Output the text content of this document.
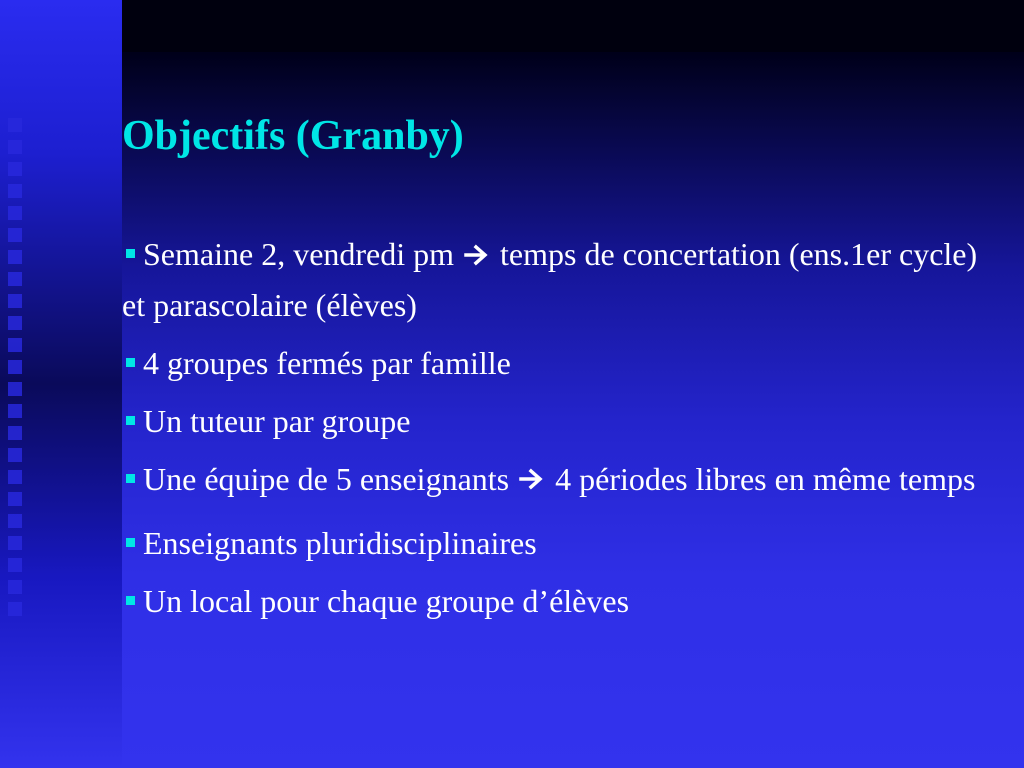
Objectifs (Granby)
Semaine 2, vendredi pm temps de concertation (ens.1er cycle) et parascolaire (élèves)
4 groupes fermés par famille
Un tuteur par groupe
Une équipe de 5 enseignants 4 périodes libres en même temps
Enseignants pluridisciplinaires
Un local pour chaque groupe d’élèves
